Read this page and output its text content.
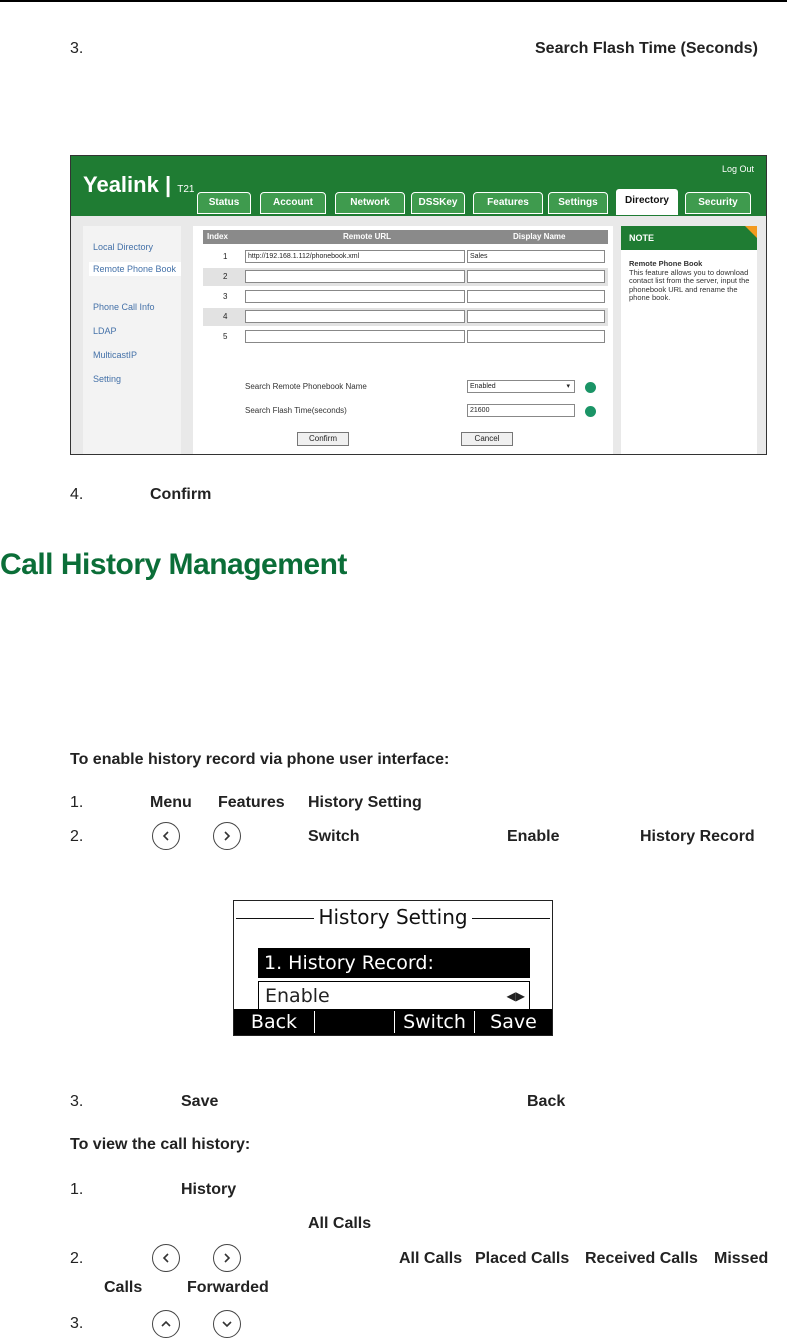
3.	Search Flash Time (Seconds)
Yealink | T21
Log Out
Status	Account	Network	DSSKey	Features	Settings	Directory	Security
Local Directory
Remote Phone Book
Phone Call Info
LDAP
MulticastIP
Setting
Index	Remote URL	Display Name
1	http://192.168.1.112/phonebook.xml	Sales
2
3
4
5
Search Remote Phonebook Name	Enabled	▾
Search Flash Time(seconds)	21600
Confirm	Cancel
NOTE
Remote Phone Book
This feature allows you to download contact list from the server, input the phonebook URL and rename the phone book.
4.	Confirm
Call History Management
To enable history record via phone user interface:
1.	Menu Features History Setting
2.	Switch	Enable	History Record
History Setting
1. History Record:
Enable	◀▶
Back	Switch	Save
3.	Save	Back
To view the call history:
1.	History
All Calls
2.	All Calls Placed Calls Received Calls Missed
Calls	Forwarded
3.
